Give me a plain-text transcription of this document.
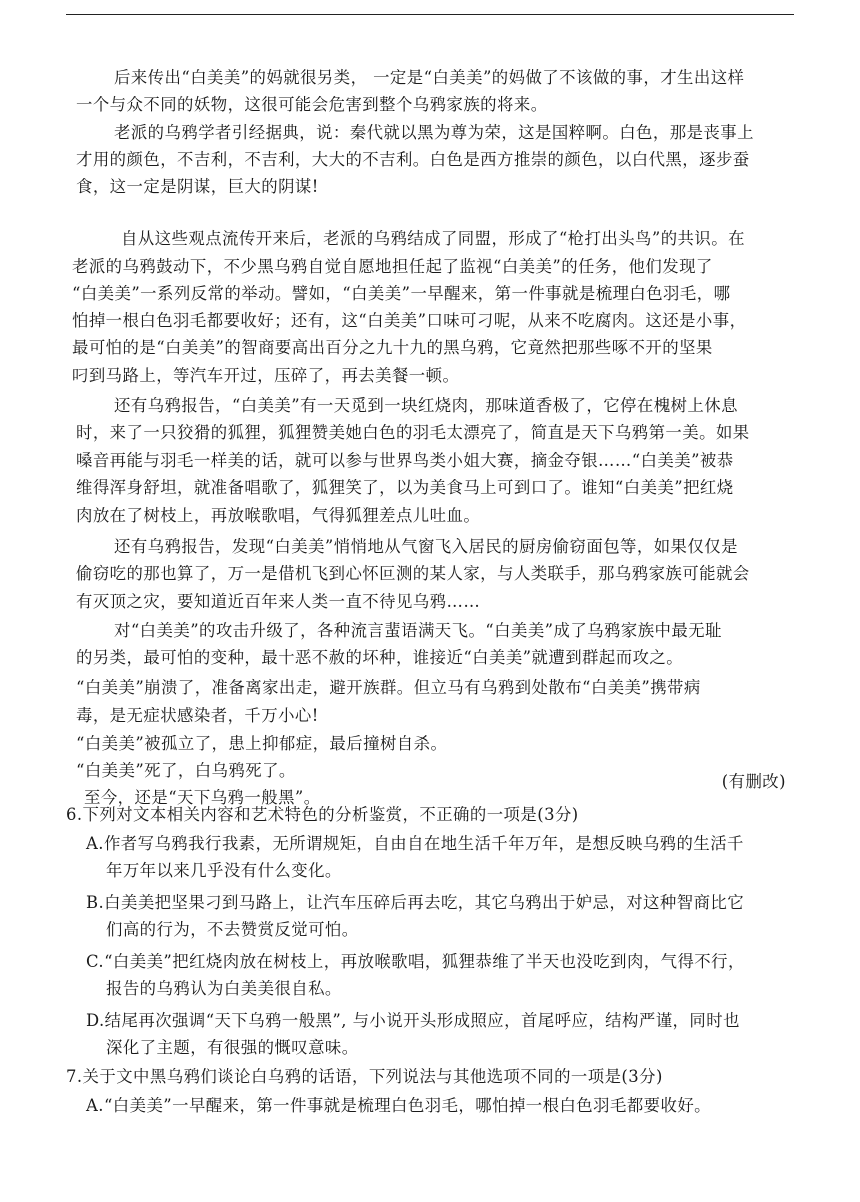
后来传出“白美美”的妈就很另类， 一定是“白美美”的妈做了不该做的事，才生出这样

一个与众不同的妖物，这很可能会危害到整个乌鸦家族的将来。

老派的乌鸦学者引经据典，说：秦代就以黑为尊为荣，这是国粹啊。白色，那是丧事上

才用的颜色，不吉利，不吉利，大大的不吉利。白色是西方推崇的颜色，以白代黑，逐步蚕

食，这一定是阴谋，巨大的阴谋!

自从这些观点流传开来后，老派的乌鸦结成了同盟，形成了“枪打出头鸟”的共识。在

老派的乌鸦鼓动下，不少黑乌鸦自觉自愿地担任起了监视“白美美”的任务，他们发现了

“白美美”一系列反常的举动。譬如，“白美美”一早醒来，第一件事就是梳理白色羽毛，哪

怕掉一根白色羽毛都要收好；还有，这“白美美”口味可刁呢，从来不吃腐肉。这还是小事，

最可怕的是“白美美”的智商要高出百分之九十九的黑乌鸦，它竟然把那些啄不开的坚果

叼到马路上，等汽车开过，压碎了，再去美餐一顿。

还有乌鸦报告，“白美美”有一天觅到一块红烧肉，那味道香极了，它停在槐树上休息

时，来了一只狡猾的狐狸，狐狸赞美她白色的羽毛太漂亮了，简直是天下乌鸦第一美。如果

嗓音再能与羽毛一样美的话，就可以参与世界鸟类小姐大赛，摘金夺银……“白美美”被恭

维得浑身舒坦，就准备唱歌了，狐狸笑了，以为美食马上可到口了。谁知“白美美”把红烧

肉放在了树枝上，再放喉歌唱，气得狐狸差点儿吐血。

还有乌鸦报告，发现“白美美”悄悄地从气窗飞入居民的厨房偷窃面包等，如果仅仅是

偷窃吃的那也算了，万一是借机飞到心怀叵测的某人家，与人类联手，那乌鸦家族可能就会

有灭顶之灾，要知道近百年来人类一直不待见乌鸦……

对“白美美”的攻击升级了，各种流言蜚语满天飞。“白美美”成了乌鸦家族中最无耻

的另类，最可怕的变种，最十恶不赦的坏种，谁接近“白美美”就遭到群起而攻之。

“白美美”崩溃了，准备离家出走，避开族群。但立马有乌鸦到处散布“白美美”携带病

毒，是无症状感染者，千万小心!

“白美美”被孤立了，患上抑郁症，最后撞树自杀。

“白美美”死了，白乌鸦死了。

至今，还是“天下乌鸦一般黑”。

(有删改)

6.下列对文本相关内容和艺术特色的分析鉴赏，不正确的一项是(3分)

A.作者写乌鸦我行我素，无所谓规矩，自由自在地生活千年万年，是想反映乌鸦的生活千

年万年以来几乎没有什么变化。

B.白美美把坚果刁到马路上，让汽车压碎后再去吃，其它乌鸦出于妒忌，对这种智商比它

们高的行为，不去赞赏反觉可怕。

C.“白美美”把红烧肉放在树枝上，再放喉歌唱，狐狸恭维了半天也没吃到肉，气得不行，

报告的乌鸦认为白美美很自私。

D.结尾再次强调“天下乌鸦一般黑”, 与小说开头形成照应，首尾呼应，结构严谨，同时也

深化了主题，有很强的慨叹意味。

7.关于文中黑乌鸦们谈论白乌鸦的话语，下列说法与其他选项不同的一项是(3分)

A.“白美美”一早醒来，第一件事就是梳理白色羽毛，哪怕掉一根白色羽毛都要收好。
